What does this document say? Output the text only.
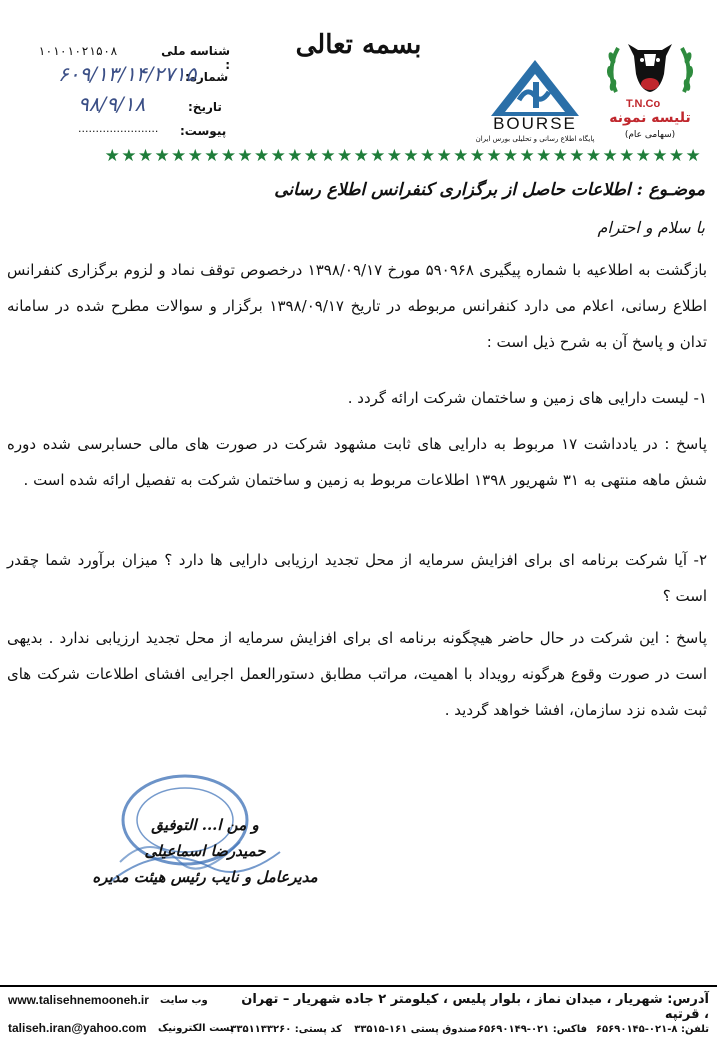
بسمه تعالی
شناسه ملی :
۱۰۱۰۱۰۲۱۵۰۸
شماره:
۶۰۹/۱۳/۱۴/۲۷۱۵
تاریخ:
۹۸/۹/۱۸
پیوست:
.......................
T.N.Co
تلیسه نمونه
(سهامی عام)
BOURSE
پایگاه اطلاع رسانی و تحلیلی بورس ایران
★ ★ ★ ★ ★ ★ ★ ★ ★ ★ ★ ★ ★ ★ ★ ★ ★ ★ ★ ★ ★ ★ ★ ★ ★ ★ ★ ★ ★ ★ ★ ★ ★ ★ ★ ★
موضـوع : اطلاعات حاصل از برگزاری کنفرانس اطلاع رسانی
با سلام و احترام
بازگشت به اطلاعیه با شماره پیگیری ۵۹۰۹۶۸ مورخ ۱۳۹۸/۰۹/۱۷ درخصوص توقف نماد و لزوم برگزاری کنفرانس اطلاع رسانی، اعلام می دارد کنفرانس مربوطه در تاریخ ۱۳۹۸/۰۹/۱۷ برگزار و سوالات مطرح شده در سامانه تدان و پاسخ آن به شرح ذیل است :
۱- لیست دارایی های زمین و ساختمان شرکت ارائه گردد .
پاسخ : در یادداشت ۱۷ مربوط به دارایی های ثابت مشهود شرکت در صورت های مالی حسابرسی شده دوره شش ماهه منتهی به ۳۱ شهریور ۱۳۹۸ اطلاعات مربوط به زمین و ساختمان شرکت به تفصیل ارائه شده است .
۲- آیا شرکت برنامه ای برای افزایش سرمایه از محل تجدید ارزیابی دارایی ها دارد ؟ میزان برآورد شما چقدر است ؟
پاسخ : این شرکت در حال حاضر هیچگونه برنامه ای برای افزایش سرمایه از محل تجدید ارزیابی ندارد . بدیهی است در صورت وقوع هرگونه رویداد با اهمیت، مراتب مطابق دستورالعمل اجرایی افشای اطلاعات شرکت های ثبت شده نزد سازمان، افشا خواهد گردید .
و من ا... التوفیق
حمیدرضا اسماعیلی
مدیرعامل و نایب رئیس هیئت مدیره
www.talisehnemooneh.ir وب سایت
taliseh.iran@yahoo.com پست الکترونیک
آدرس: شهریار ، میدان نماز ، بلوار پلیس ، کیلومتر ۲ جاده شهریار – تهران ، قرتپه
تلفن: ۸-۰۲۱-۶۵۶۹۰۱۴۵
فاکس: ۰۲۱-۶۵۶۹۰۱۴۹
صندوق پستی ۱۶۱-۳۳۵۱۵
کد پستی: ۳۳۵۱۱۳۳۲۶۰
